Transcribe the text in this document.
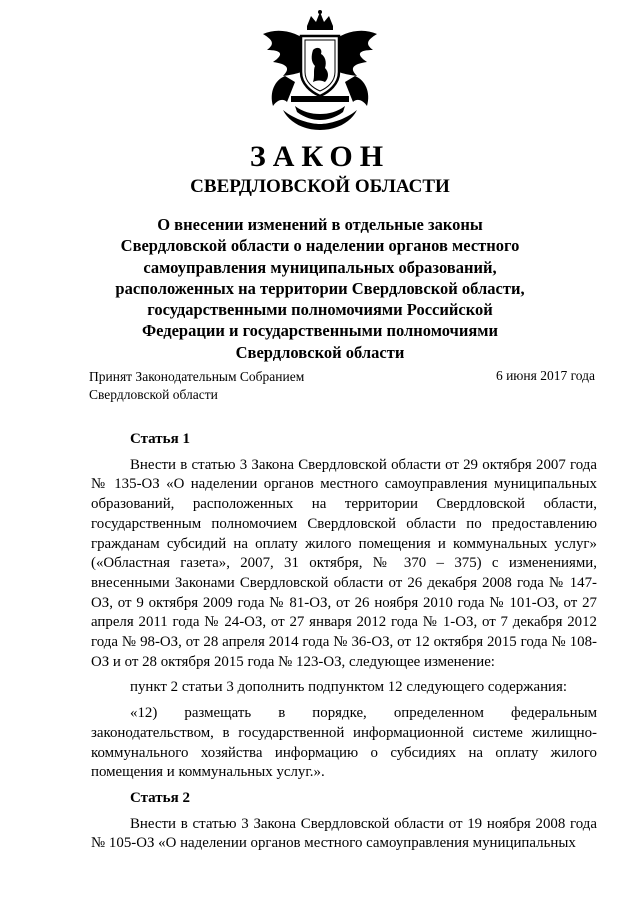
ЗАКОН
СВЕРДЛОВСКОЙ ОБЛАСТИ
О внесении изменений в отдельные законы
Свердловской области о наделении органов местного
самоуправления муниципальных образований,
расположенных на территории Свердловской области,
государственными полномочиями Российской
Федерации и государственными полномочиями
Свердловской области
Принят Законодательным Собранием
Свердловской области
6 июня 2017 года
Статья 1

Внести в статью 3 Закона Свердловской области от 29 октября 2007 года № 135-ОЗ «О наделении органов местного самоуправления муниципальных образований, расположенных на территории Свердловской области, государственным полномочием Свердловской области по предоставлению гражданам субсидий на оплату жилого помещения и коммунальных услуг» («Областная газета», 2007, 31 октября, № 370 – 375) с изменениями, внесенными Законами Свердловской области от 26 декабря 2008 года № 147-ОЗ, от 9 октября 2009 года № 81-ОЗ, от 26 ноября 2010 года № 101-ОЗ, от 27 апреля 2011 года № 24-ОЗ, от 27 января 2012 года № 1-ОЗ, от 7 декабря 2012 года № 98-ОЗ, от 28 апреля 2014 года № 36-ОЗ, от 12 октября 2015 года № 108-ОЗ и от 28 октября 2015 года № 123-ОЗ, следующее изменение:

пункт 2 статьи 3 дополнить подпунктом 12 следующего содержания:

«12) размещать в порядке, определенном федеральным законодательством, в государственной информационной системе жилищно-коммунального хозяйства информацию о субсидиях на оплату жилого помещения и коммунальных услуг.».

Статья 2

Внести в статью 3 Закона Свердловской области от 19 ноября 2008 года № 105-ОЗ «О наделении органов местного самоуправления муниципальных
